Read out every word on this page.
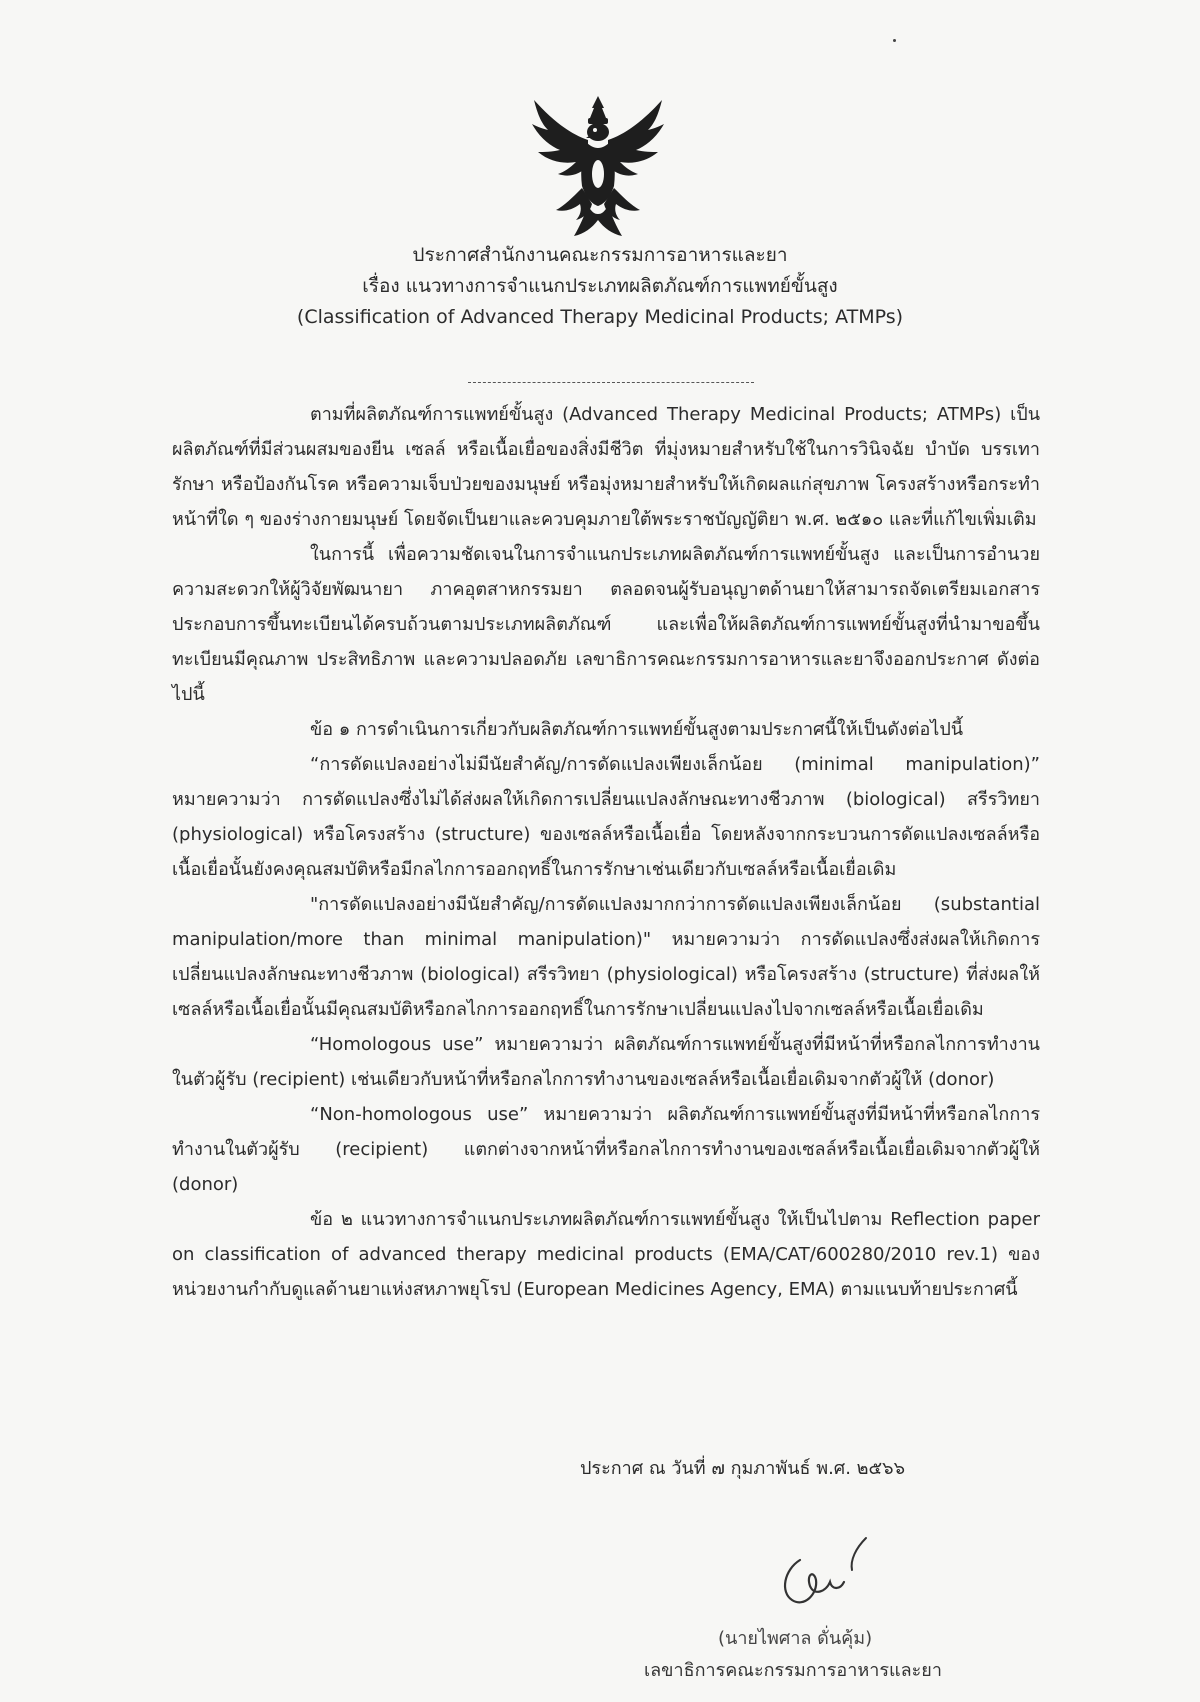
ประกาศสำนักงานคณะกรรมการอาหารและยา
เรื่อง แนวทางการจำแนกประเภทผลิตภัณฑ์การแพทย์ขั้นสูง
(Classification of Advanced Therapy Medicinal Products; ATMPs)

ตามที่ผลิตภัณฑ์การแพทย์ขั้นสูง (Advanced Therapy Medicinal Products; ATMPs) เป็นผลิตภัณฑ์ที่มีส่วนผสมของยีน เซลล์ หรือเนื้อเยื่อของสิ่งมีชีวิต ที่มุ่งหมายสำหรับใช้ในการวินิจฉัย บำบัด บรรเทา รักษา หรือป้องกันโรค หรือความเจ็บป่วยของมนุษย์ หรือมุ่งหมายสำหรับให้เกิดผลแก่สุขภาพ โครงสร้างหรือกระทำหน้าที่ใด ๆ ของร่างกายมนุษย์ โดยจัดเป็นยาและควบคุมภายใต้พระราชบัญญัติยา พ.ศ. ๒๕๑๐ และที่แก้ไขเพิ่มเติม

ในการนี้ เพื่อความชัดเจนในการจำแนกประเภทผลิตภัณฑ์การแพทย์ขั้นสูง และเป็นการอำนวยความสะดวกให้ผู้วิจัยพัฒนายา ภาคอุตสาหกรรมยา ตลอดจนผู้รับอนุญาตด้านยาให้สามารถจัดเตรียมเอกสารประกอบการขึ้นทะเบียนได้ครบถ้วนตามประเภทผลิตภัณฑ์ และเพื่อให้ผลิตภัณฑ์การแพทย์ขั้นสูงที่นำมาขอขึ้นทะเบียนมีคุณภาพ ประสิทธิภาพ และความปลอดภัย เลขาธิการคณะกรรมการอาหารและยาจึงออกประกาศ ดังต่อไปนี้

ข้อ ๑ การดำเนินการเกี่ยวกับผลิตภัณฑ์การแพทย์ขั้นสูงตามประกาศนี้ให้เป็นดังต่อไปนี้

“การดัดแปลงอย่างไม่มีนัยสำคัญ/การดัดแปลงเพียงเล็กน้อย (minimal manipulation)” หมายความว่า การดัดแปลงซึ่งไม่ได้ส่งผลให้เกิดการเปลี่ยนแปลงลักษณะทางชีวภาพ (biological) สรีรวิทยา (physiological) หรือโครงสร้าง (structure) ของเซลล์หรือเนื้อเยื่อ โดยหลังจากกระบวนการดัดแปลงเซลล์หรือเนื้อเยื่อนั้นยังคงคุณสมบัติหรือมีกลไกการออกฤทธิ์ในการรักษาเช่นเดียวกับเซลล์หรือเนื้อเยื่อเดิม

"การดัดแปลงอย่างมีนัยสำคัญ/การดัดแปลงมากกว่าการดัดแปลงเพียงเล็กน้อย (substantial manipulation/more than minimal manipulation)" หมายความว่า การดัดแปลงซึ่งส่งผลให้เกิดการเปลี่ยนแปลงลักษณะทางชีวภาพ (biological) สรีรวิทยา (physiological) หรือโครงสร้าง (structure) ที่ส่งผลให้เซลล์หรือเนื้อเยื่อนั้นมีคุณสมบัติหรือกลไกการออกฤทธิ์ในการรักษาเปลี่ยนแปลงไปจากเซลล์หรือเนื้อเยื่อเดิม

“Homologous use” หมายความว่า ผลิตภัณฑ์การแพทย์ขั้นสูงที่มีหน้าที่หรือกลไกการทำงานในตัวผู้รับ (recipient) เช่นเดียวกับหน้าที่หรือกลไกการทำงานของเซลล์หรือเนื้อเยื่อเดิมจากตัวผู้ให้ (donor)

“Non-homologous use” หมายความว่า ผลิตภัณฑ์การแพทย์ขั้นสูงที่มีหน้าที่หรือกลไกการทำงานในตัวผู้รับ (recipient) แตกต่างจากหน้าที่หรือกลไกการทำงานของเซลล์หรือเนื้อเยื่อเดิมจากตัวผู้ให้ (donor)

ข้อ ๒ แนวทางการจำแนกประเภทผลิตภัณฑ์การแพทย์ขั้นสูง ให้เป็นไปตาม Reflection paper on classification of advanced therapy medicinal products (EMA/CAT/600280/2010 rev.1) ของหน่วยงานกำกับดูแลด้านยาแห่งสหภาพยุโรป (European Medicines Agency, EMA) ตามแนบท้ายประกาศนี้

ประกาศ ณ วันที่ ๗ กุมภาพันธ์ พ.ศ. ๒๕๖๖
(นายไพศาล ดั่นคุ้ม)
เลขาธิการคณะกรรมการอาหารและยา
